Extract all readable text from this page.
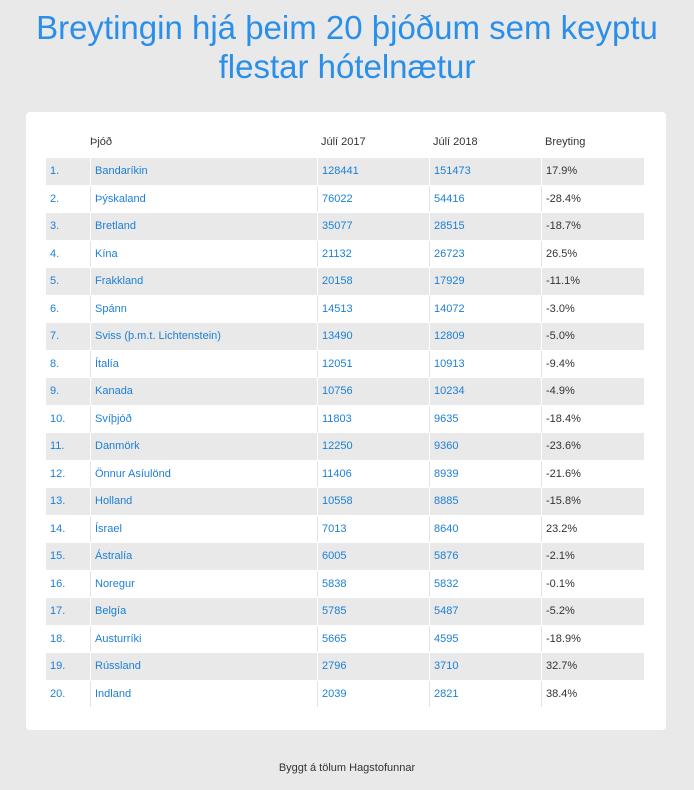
Breytingin hjá þeim 20 þjóðum sem keyptu flestar hótelnætur
Þjóð	Júlí 2017	Júlí 2018	Breyting
1.	Bandaríkin	128441	151473	17.9%
2.	Þýskaland	76022	54416	-28.4%
3.	Bretland	35077	28515	-18.7%
4.	Kína	21132	26723	26.5%
5.	Frakkland	20158	17929	-11.1%
6.	Spánn	14513	14072	-3.0%
7.	Sviss (þ.m.t. Lichtenstein)	13490	12809	-5.0%
8.	Ítalía	12051	10913	-9.4%
9.	Kanada	10756	10234	-4.9%
10.	Svíþjóð	11803	9635	-18.4%
11.	Danmörk	12250	9360	-23.6%
12.	Önnur Asíulönd	11406	8939	-21.6%
13.	Holland	10558	8885	-15.8%
14.	Ísrael	7013	8640	23.2%
15.	Ástralía	6005	5876	-2.1%
16.	Noregur	5838	5832	-0.1%
17.	Belgía	5785	5487	-5.2%
18.	Austurríki	5665	4595	-18.9%
19.	Rússland	2796	3710	32.7%
20.	Indland	2039	2821	38.4%
Byggt á tölum Hagstofunnar
